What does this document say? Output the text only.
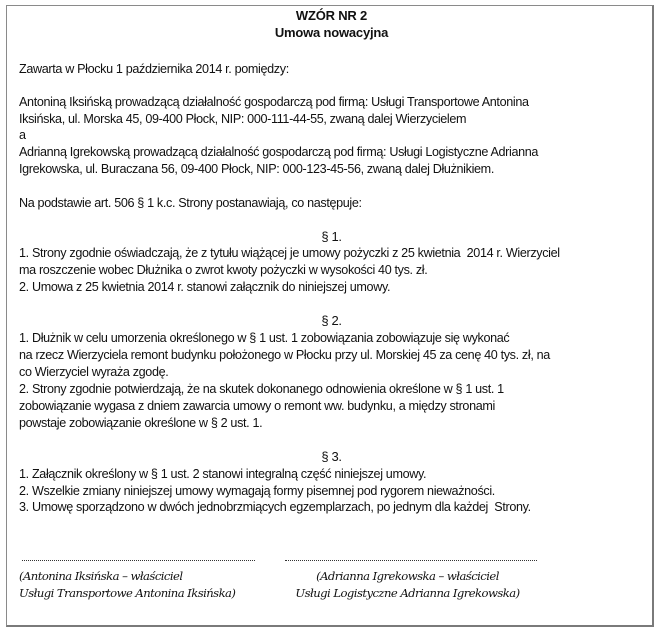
WZÓR NR 2
Umowa nowacyjna
Zawarta w Płocku 1 października 2014 r. pomiędzy:
Antoniną Iksińską prowadzącą działalność gospodarczą pod firmą: Usługi Transportowe Antonina
Iksińska, ul. Morska 45, 09-400 Płock, NIP: 000-111-44-55, zwaną dalej Wierzycielem
a
Adrianną Igrekowską prowadzącą działalność gospodarczą pod firmą: Usługi Logistyczne Adrianna
Igrekowska, ul. Buraczana 56, 09-400 Płock, NIP: 000-123-45-56, zwaną dalej Dłużnikiem.
Na podstawie art. 506 § 1 k.c. Strony postanawiają, co następuje:
§ 1.
1. Strony zgodnie oświadczają, że z tytułu wiążącej je umowy pożyczki z 25 kwietnia  2014 r. Wierzyciel
ma roszczenie wobec Dłużnika o zwrot kwoty pożyczki w wysokości 40 tys. zł.
2. Umowa z 25 kwietnia 2014 r. stanowi załącznik do niniejszej umowy.
§ 2.
1. Dłużnik w celu umorzenia określonego w § 1 ust. 1 zobowiązania zobowiązuje się wykonać
na rzecz Wierzyciela remont budynku położonego w Płocku przy ul. Morskiej 45 za cenę 40 tys. zł, na
co Wierzyciel wyraża zgodę.
2. Strony zgodnie potwierdzają, że na skutek dokonanego odnowienia określone w § 1 ust. 1
zobowiązanie wygasa z dniem zawarcia umowy o remont ww. budynku, a między stronami
powstaje zobowiązanie określone w § 2 ust. 1.
§ 3.
1. Załącznik określony w § 1 ust. 2 stanowi integralną część niniejszej umowy.
2. Wszelkie zmiany niniejszej umowy wymagają formy pisemnej pod rygorem nieważności.
3. Umowę sporządzono w dwóch jednobrzmiących egzemplarzach, po jednym dla każdej  Strony.
(Antonina Iksińska – właściciel
Usługi Transportowe Antonina Iksińska)
(Adrianna Igrekowska – właściciel
Usługi Logistyczne Adrianna Igrekowska)
